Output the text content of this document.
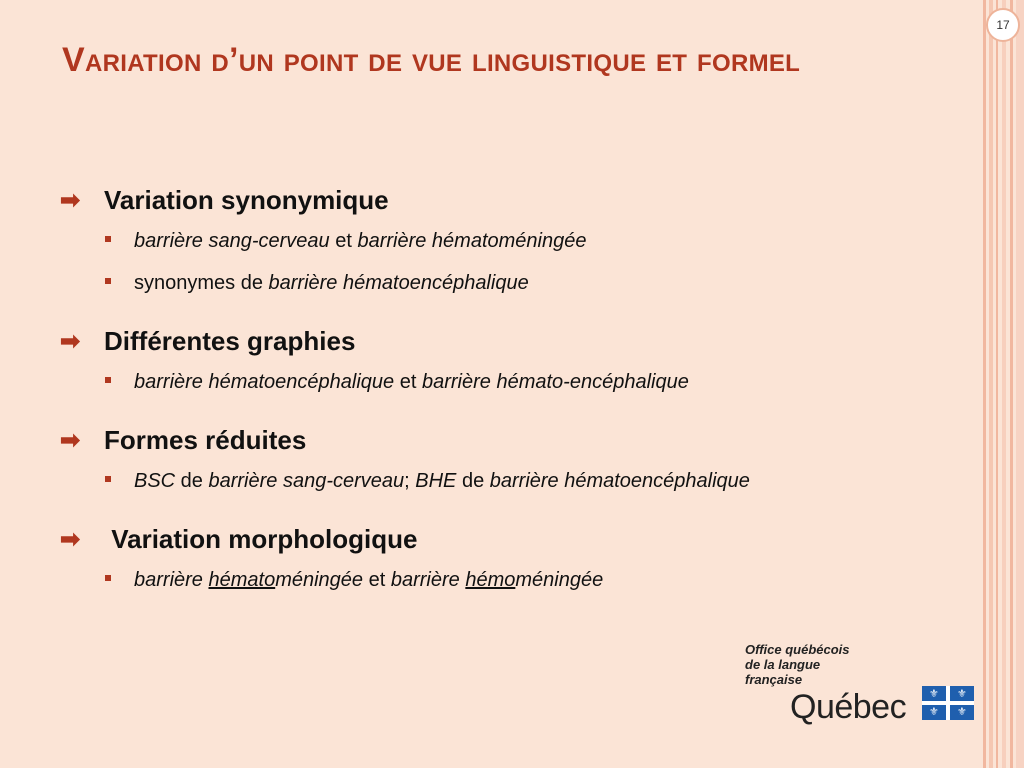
17
Variation d’un point de vue linguistique et formel
➡ Variation synonymique
barrière sang-cerveau et barrière hématoméningée
synonymes de barrière hématoencéphalique
➡ Différentes graphies
barrière hématoencéphalique et barrière hémato-encéphalique
➡ Formes réduites
BSC de barrière sang-cerveau; BHE de barrière hématoencéphalique
➡ Variation morphologique
barrière hématoméningée et barrière hémoméningée
Office québécois
de la langue
française
Québec ⚜ ⚜
⚜ ⚜
